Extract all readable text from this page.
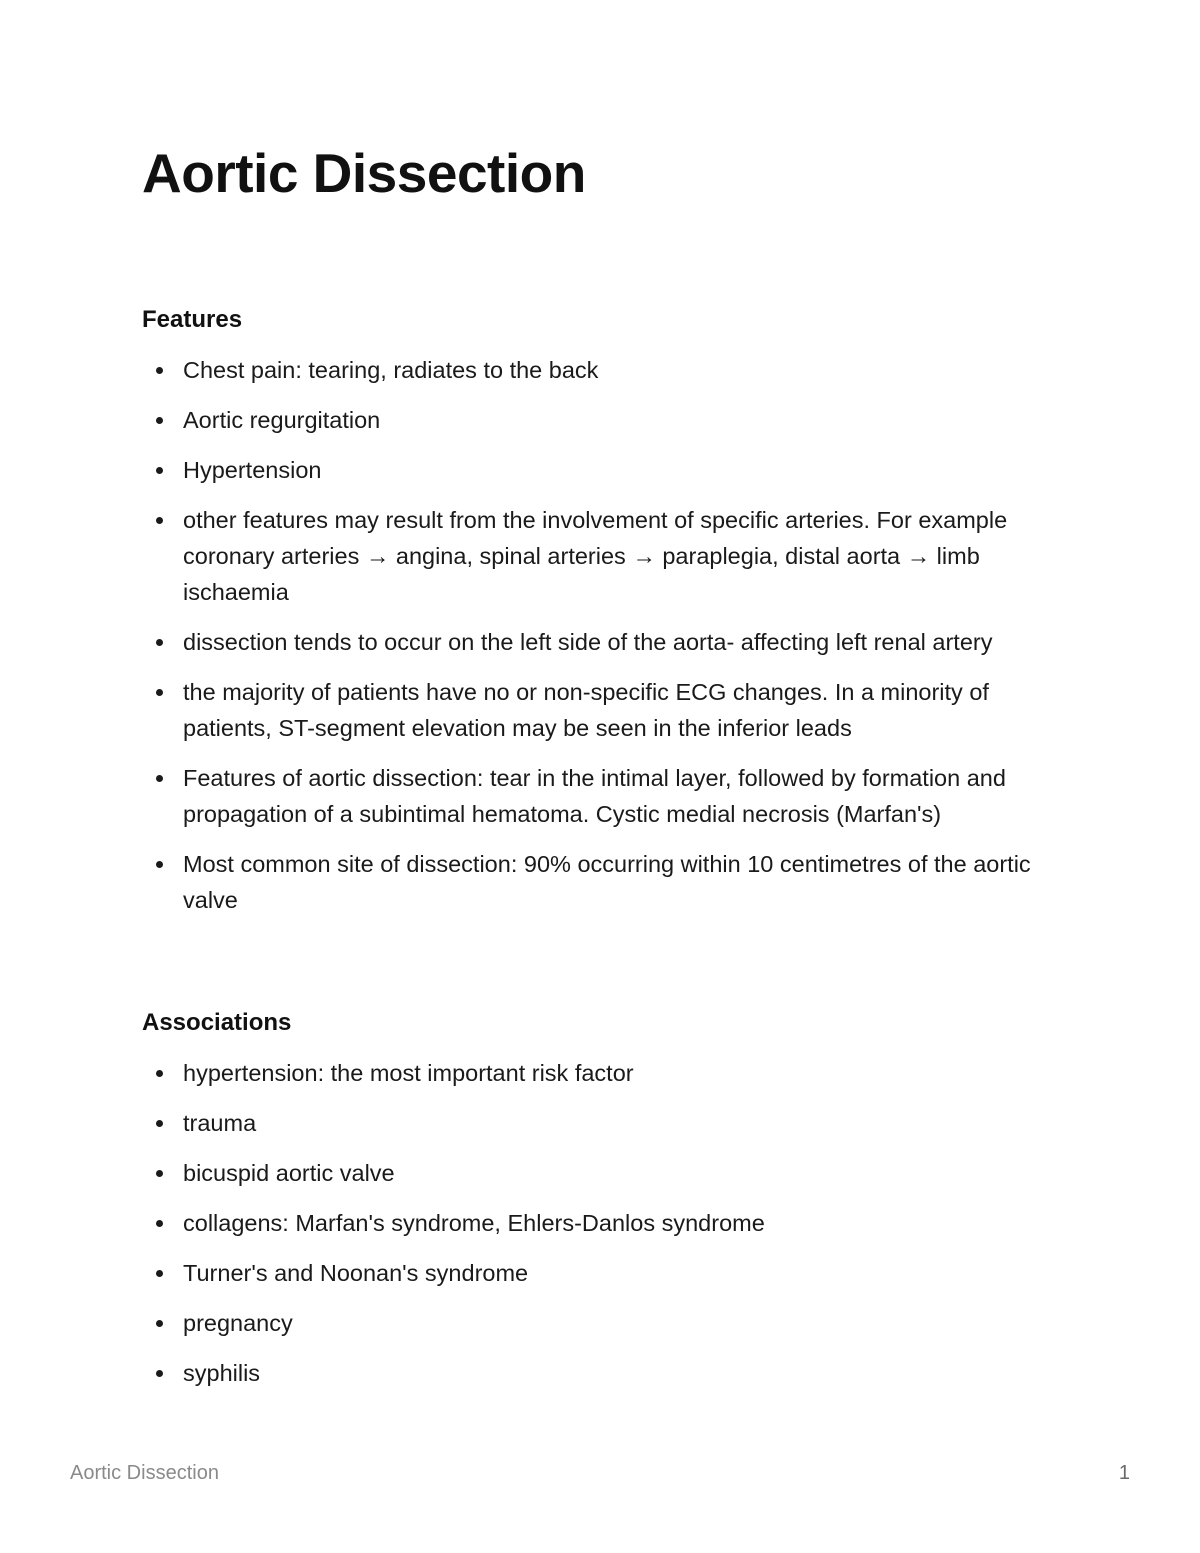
Aortic Dissection
Features
Chest pain: tearing, radiates to the back
Aortic regurgitation
Hypertension
other features may result from the involvement of specific arteries. For example coronary arteries → angina, spinal arteries → paraplegia, distal aorta → limb ischaemia
dissection tends to occur on the left side of the aorta- affecting left renal artery
the majority of patients have no or non-specific ECG changes. In a minority of patients, ST-segment elevation may be seen in the inferior leads
Features of aortic dissection: tear in the intimal layer, followed by formation and propagation of a subintimal hematoma. Cystic medial necrosis (Marfan's)
Most common site of dissection: 90% occurring within 10 centimetres of the aortic valve
Associations
hypertension: the most important risk factor
trauma
bicuspid aortic valve
collagens: Marfan's syndrome, Ehlers-Danlos syndrome
Turner's and Noonan's syndrome
pregnancy
syphilis
Aortic Dissection	1
